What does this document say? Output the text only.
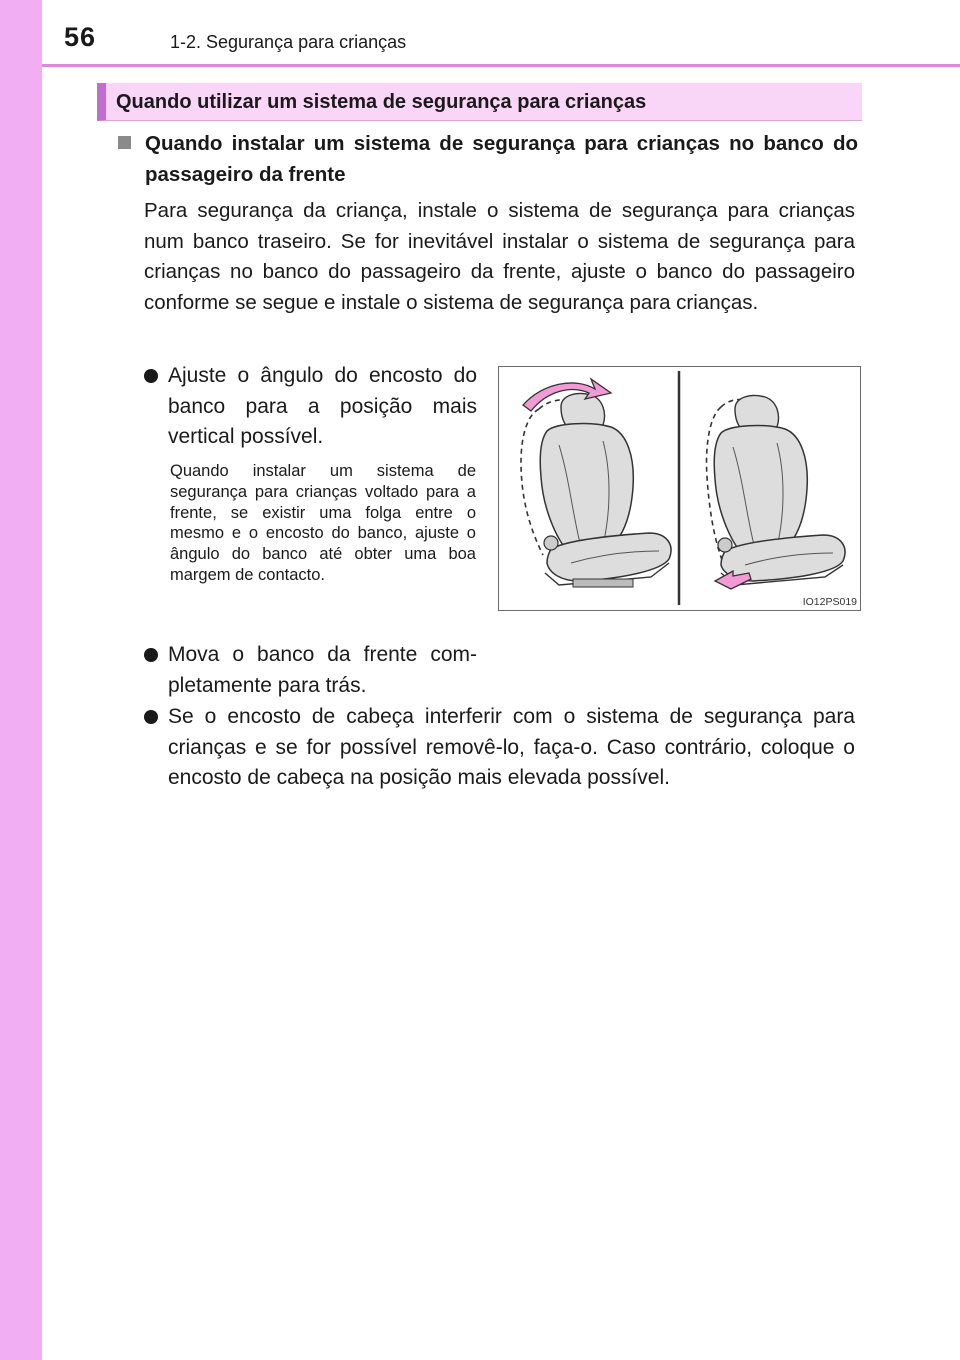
56	1-2. Segurança para crianças
Quando utilizar um sistema de segurança para crianças
Quando instalar um sistema de segurança para crianças no banco do passageiro da frente
Para segurança da criança, instale o sistema de segurança para crianças num banco traseiro. Se for inevitável instalar o sistema de segurança para crianças no banco do passageiro da frente, ajuste o banco do passageiro conforme se segue e instale o sistema de segurança para crianças.
Ajuste o ângulo do encosto do banco para a posição mais vertical possível.
Quando instalar um sistema de segurança para crianças voltado para a frente, se existir uma folga entre o mesmo e o encosto do banco, ajuste o ângulo do banco até obter uma boa margem de contacto.
Mova o banco da frente completamente para trás.
Se o encosto de cabeça interferir com o sistema de segurança para crianças e se for possível removê-lo, faça-o. Caso contrário, coloque o encosto de cabeça na posição mais elevada possível.
IO12PS019
